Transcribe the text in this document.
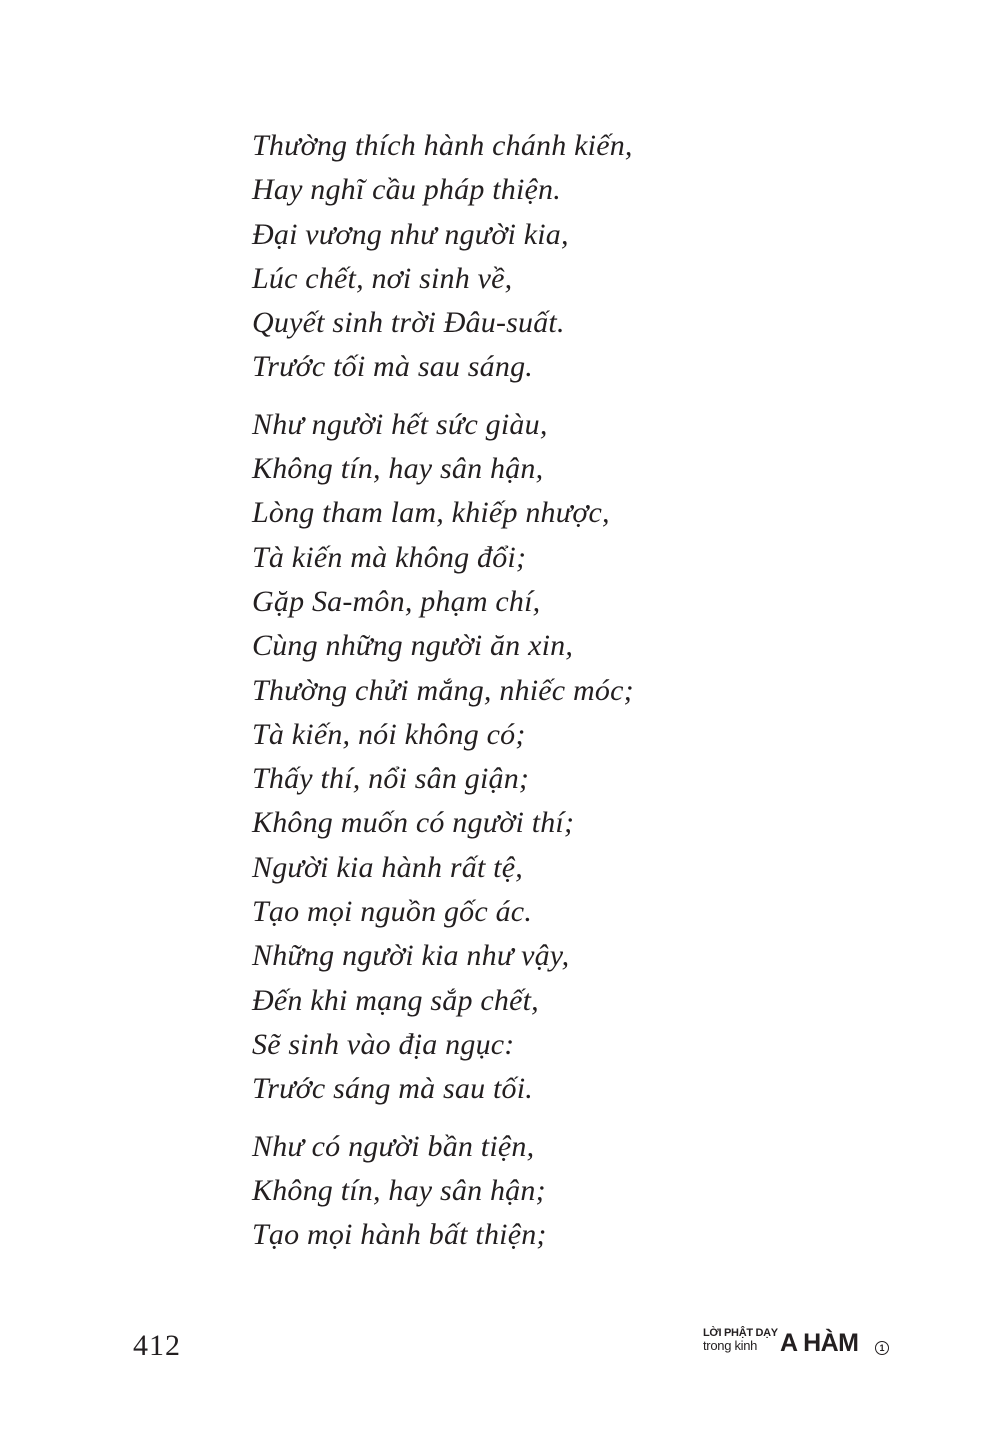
Thường thích hành chánh kiến,
Hay nghĩ cầu pháp thiện.
Đại vương như người kia,
Lúc chết, nơi sinh về,
Quyết sinh trời Đâu-suất.
Trước tối mà sau sáng.
Như người hết sức giàu,
Không tín, hay sân hận,
Lòng tham lam, khiếp nhược,
Tà kiến mà không đổi;
Gặp Sa-môn, phạm chí,
Cùng những người ăn xin,
Thường chửi mắng, nhiếc móc;
Tà kiến, nói không có;
Thấy thí, nổi sân giận;
Không muốn có người thí;
Người kia hành rất tệ,
Tạo mọi nguồn gốc ác.
Những người kia như vậy,
Đến khi mạng sắp chết,
Sẽ sinh vào địa ngục:
Trước sáng mà sau tối.
Như có người bần tiện,
Không tín, hay sân hận;
Tạo mọi hành bất thiện;
412	LỜI PHẬT DẠY
trong kinh A HÀM	1
